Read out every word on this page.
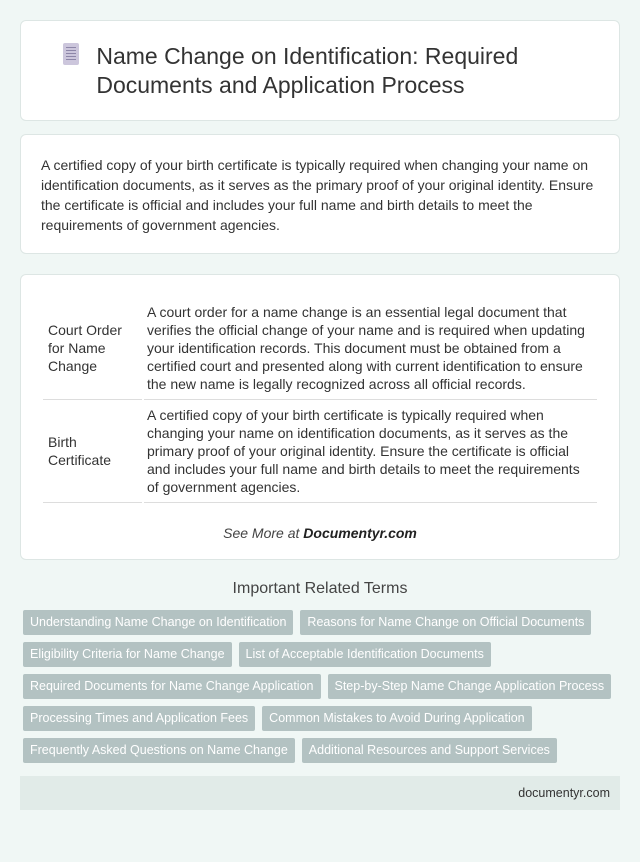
Name Change on Identification: Required Documents and Application Process
A certified copy of your birth certificate is typically required when changing your name on identification documents, as it serves as the primary proof of your original identity. Ensure the certificate is official and includes your full name and birth details to meet the requirements of government agencies.
Court Order for Name Change	A court order for a name change is an essential legal document that verifies the official change of your name and is required when updating your identification records. This document must be obtained from a certified court and presented along with current identification to ensure the new name is legally recognized across all official records.
Birth Certificate	A certified copy of your birth certificate is typically required when changing your name on identification documents, as it serves as the primary proof of your original identity. Ensure the certificate is official and includes your full name and birth details to meet the requirements of government agencies.
See More at Documentyr.com
Important Related Terms
Understanding Name Change on Identification	Reasons for Name Change on Official Documents
Eligibility Criteria for Name Change	List of Acceptable Identification Documents
Required Documents for Name Change Application	Step-by-Step Name Change Application Process
Processing Times and Application Fees	Common Mistakes to Avoid During Application
Frequently Asked Questions on Name Change	Additional Resources and Support Services
documentyr.com
